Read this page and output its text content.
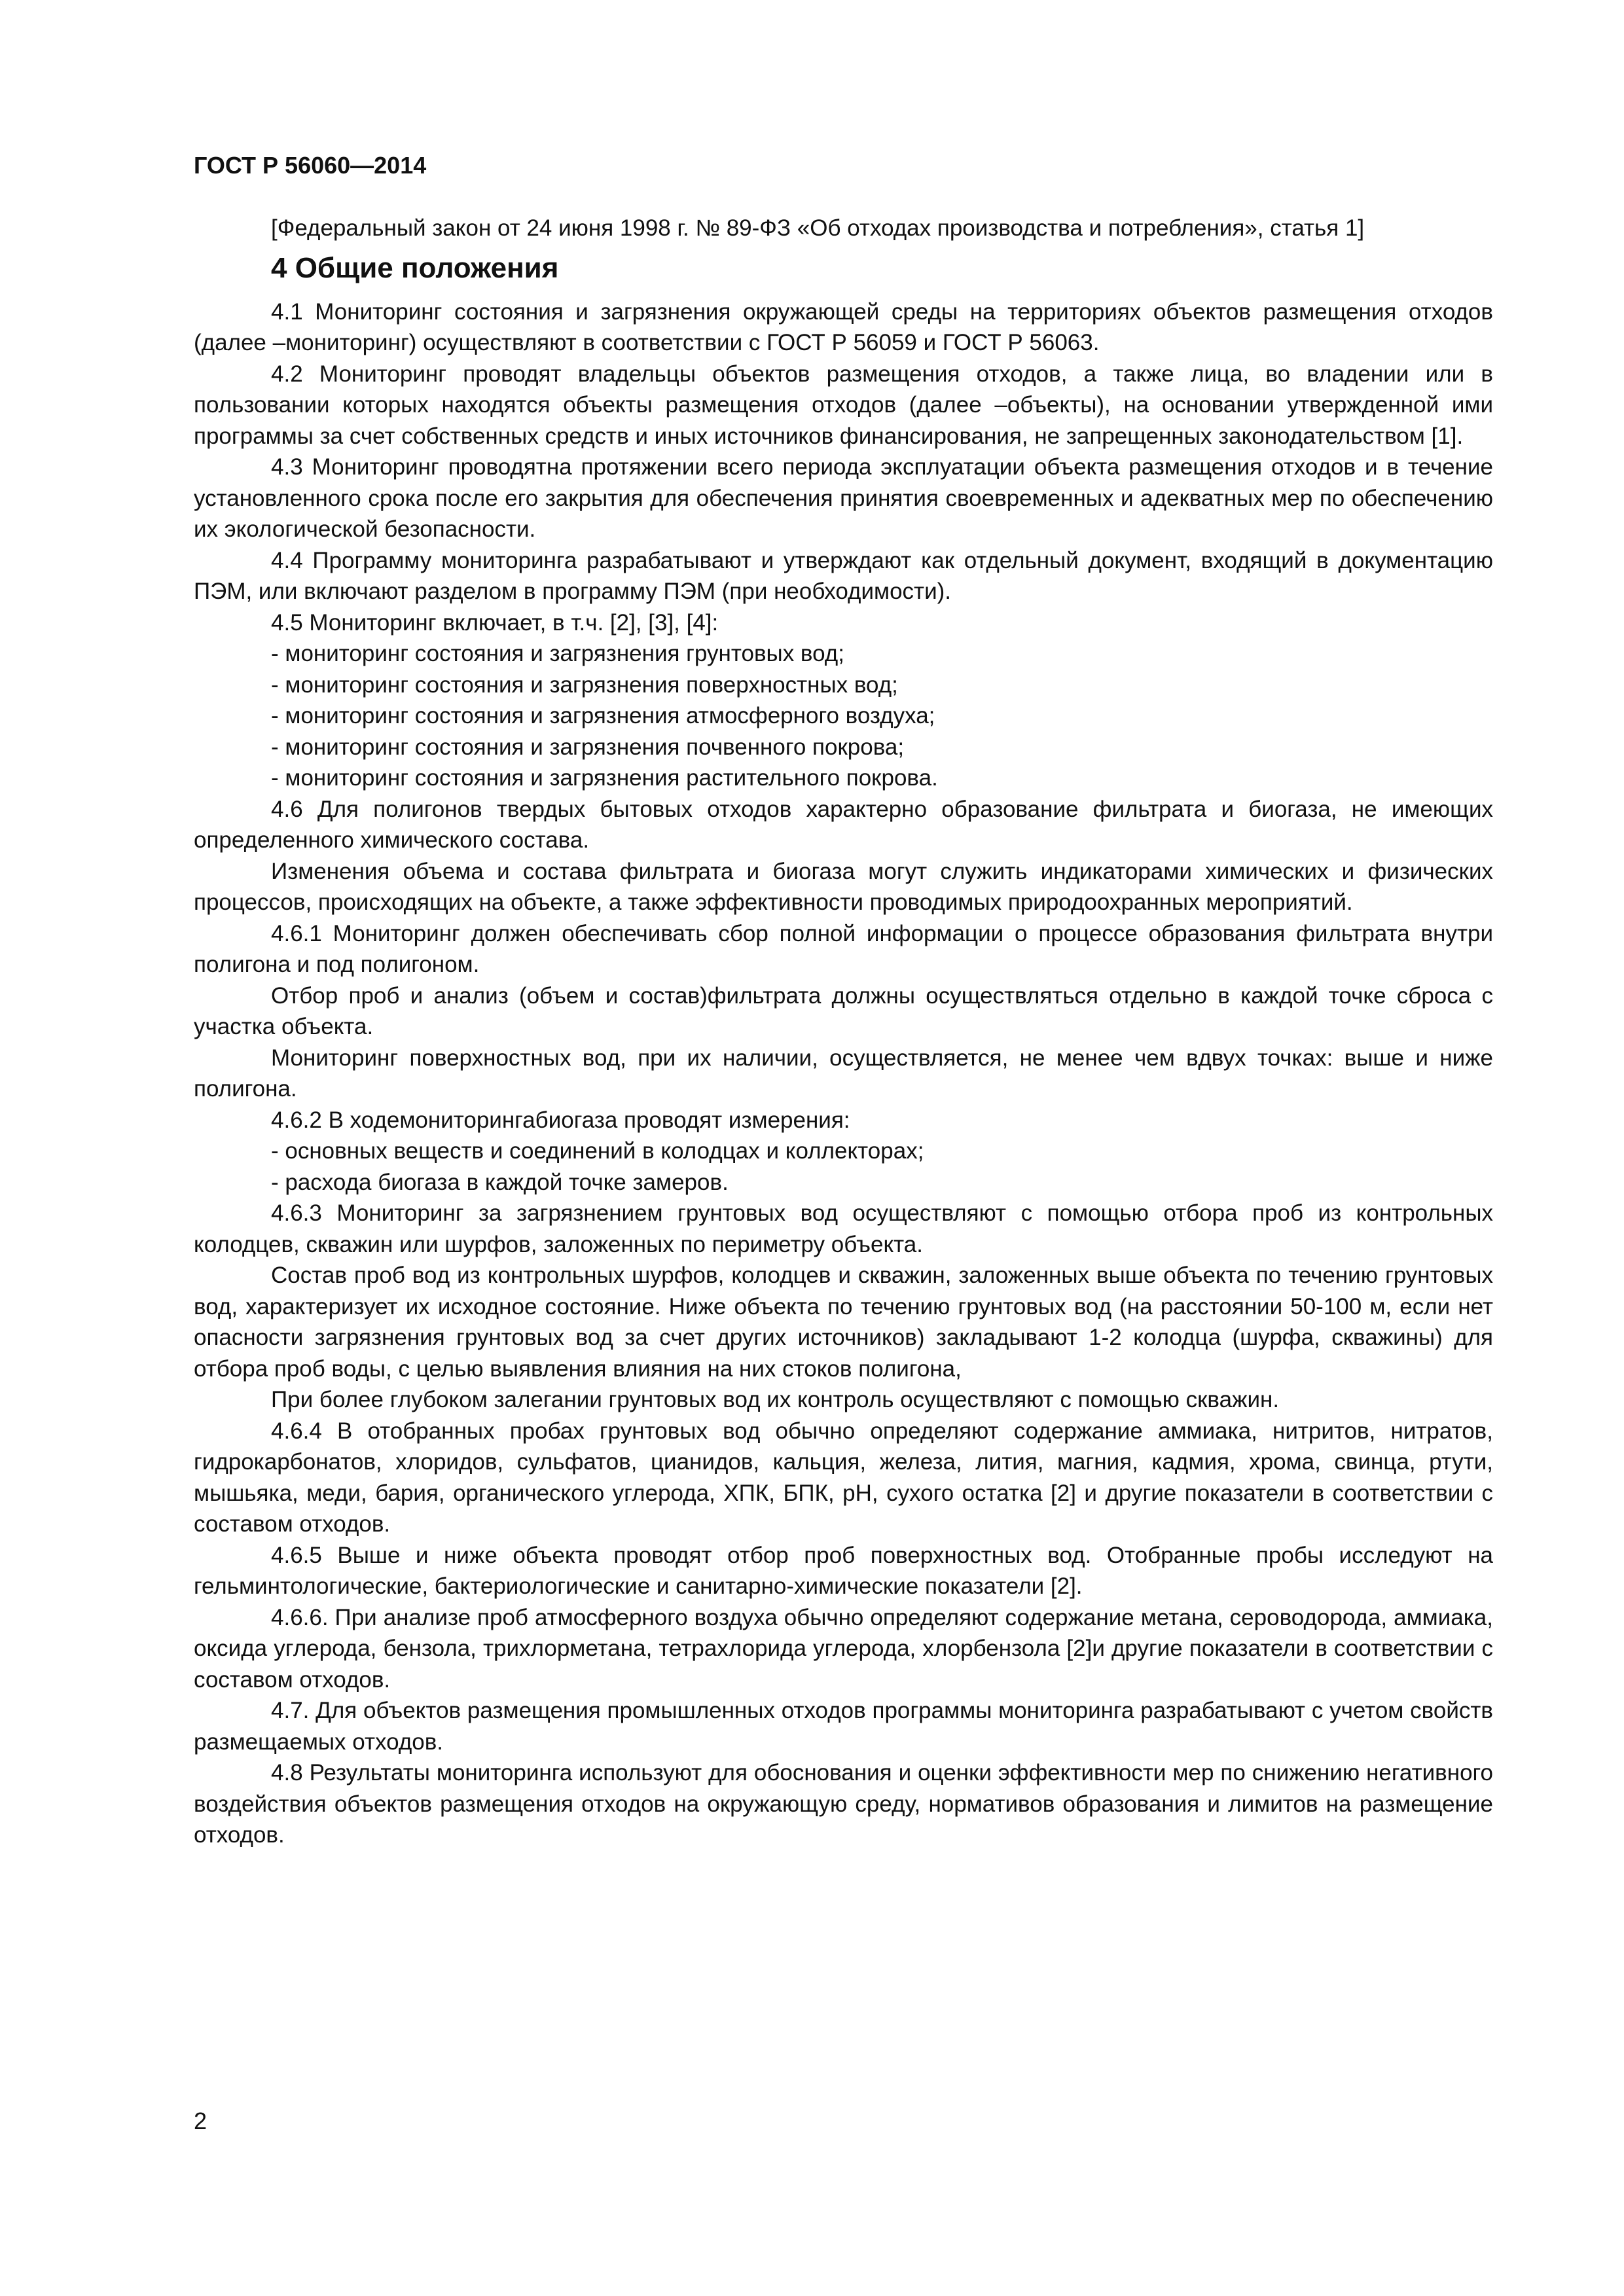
ГОСТ Р 56060—2014

[Федеральный закон от 24 июня 1998 г. № 89-ФЗ «Об отходах производства и потребления», статья 1]

4 Общие положения

4.1 Мониторинг состояния и загрязнения окружающей среды на территориях объектов размещения отходов (далее –мониторинг) осуществляют в соответствии с ГОСТ Р 56059 и ГОСТ Р 56063.

4.2 Мониторинг проводят владельцы объектов размещения отходов, а также лица, во владении или в пользовании которых находятся объекты размещения отходов (далее –объекты), на основании утвержденной ими программы за счет собственных средств и иных источников финансирования, не запрещенных законодательством [1].

4.3 Мониторинг проводятна протяжении всего периода эксплуатации объекта размещения отходов и в течение установленного срока после его закрытия для обеспечения принятия своевременных и адекватных мер по обеспечению их экологической безопасности.

4.4 Программу мониторинга разрабатывают и утверждают как отдельный документ, входящий в документацию ПЭМ, или включают разделом в программу ПЭМ (при необходимости).

4.5 Мониторинг включает, в т.ч. [2], [3], [4]:

- мониторинг состояния и загрязнения грунтовых вод;

- мониторинг состояния и загрязнения поверхностных вод;

- мониторинг состояния и загрязнения атмосферного воздуха;

- мониторинг состояния и загрязнения почвенного покрова;

- мониторинг состояния и загрязнения растительного покрова.

4.6 Для полигонов твердых бытовых отходов характерно образование фильтрата и биогаза, не имеющих определенного химического состава.

Изменения объема и состава фильтрата и биогаза могут служить индикаторами химических и физических процессов, происходящих на объекте, а также эффективности проводимых природоохранных мероприятий.

4.6.1 Мониторинг должен обеспечивать сбор полной информации о процессе образования фильтрата внутри полигона и под полигоном.

Отбор проб и анализ (объем и состав)фильтрата должны осуществляться отдельно в каждой точке сброса с участка объекта.

Мониторинг поверхностных вод, при их наличии, осуществляется, не менее чем вдвух точках: выше и ниже полигона.

4.6.2 В ходемониторингабиогаза проводят измерения:

- основных веществ и соединений в колодцах и коллекторах;

- расхода биогаза в каждой точке замеров.

4.6.3 Мониторинг за загрязнением грунтовых вод осуществляют с помощью отбора проб из контрольных колодцев, скважин или шурфов, заложенных по периметру объекта.

Состав проб вод из контрольных шурфов, колодцев и скважин, заложенных выше объекта по течению грунтовых вод, характеризует их исходное состояние. Ниже объекта по течению грунтовых вод (на расстоянии 50-100 м, если нет опасности загрязнения грунтовых вод за счет других источников) закладывают 1-2 колодца (шурфа, скважины) для отбора проб воды, с целью выявления влияния на них стоков полигона,

При более глубоком залегании грунтовых вод их контроль осуществляют с помощью скважин.

4.6.4 В отобранных пробах грунтовых вод обычно определяют содержание аммиака, нитритов, нитратов, гидрокарбонатов, хлоридов, сульфатов, цианидов, кальция, железа, лития, магния, кадмия, хрома, свинца, ртути, мышьяка, меди, бария, органического углерода, ХПК, БПК, pH, сухого остатка [2] и другие показатели в соответствии с составом отходов.

4.6.5 Выше и ниже объекта проводят отбор проб поверхностных вод. Отобранные пробы исследуют на гельминтологические, бактериологические и санитарно-химические показатели [2].

4.6.6. При анализе проб атмосферного воздуха обычно определяют содержание метана, сероводорода, аммиака, оксида углерода, бензола, трихлорметана, тетрахлорида углерода, хлорбензола [2]и другие показатели в соответствии с составом отходов.

4.7. Для объектов размещения промышленных отходов программы мониторинга разрабатывают с учетом свойств размещаемых отходов.

4.8 Результаты мониторинга используют для обоснования и оценки эффективности мер по снижению негативного воздействия объектов размещения отходов на окружающую среду, нормативов образования и лимитов на размещение отходов.

2
